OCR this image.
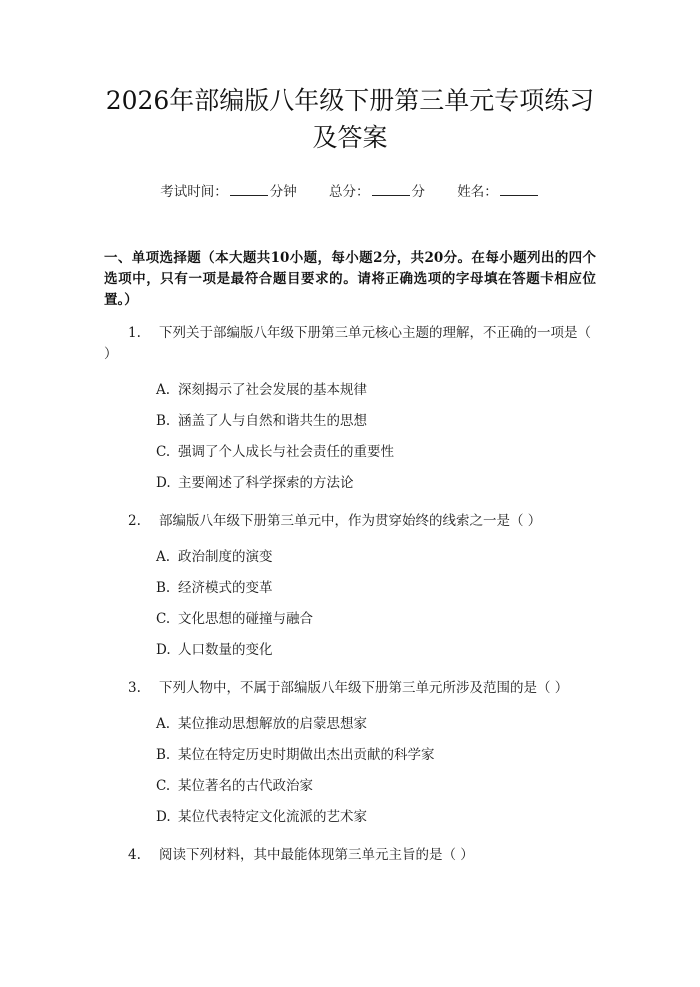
2026年部编版八年级下册第三单元专项练习及答案
考试时间：	分钟 总分：	分 姓名：
一、单项选择题（本大题共10小题，每小题2分，共20分。在每小题列出的四个选项中，只有一项是最符合题目要求的。请将正确选项的字母填在答题卡相应位置。）
1. 下列关于部编版八年级下册第三单元核心主题的理解，不正确的一项是（ ）
A. 深刻揭示了社会发展的基本规律
B. 涵盖了人与自然和谐共生的思想
C. 强调了个人成长与社会责任的重要性
D. 主要阐述了科学探索的方法论
2. 部编版八年级下册第三单元中，作为贯穿始终的线索之一是（ ）
A. 政治制度的演变
B. 经济模式的变革
C. 文化思想的碰撞与融合
D. 人口数量的变化
3. 下列人物中，不属于部编版八年级下册第三单元所涉及范围的是（ ）
A. 某位推动思想解放的启蒙思想家
B. 某位在特定历史时期做出杰出贡献的科学家
C. 某位著名的古代政治家
D. 某位代表特定文化流派的艺术家
4. 阅读下列材料，其中最能体现第三单元主旨的是（ ）
